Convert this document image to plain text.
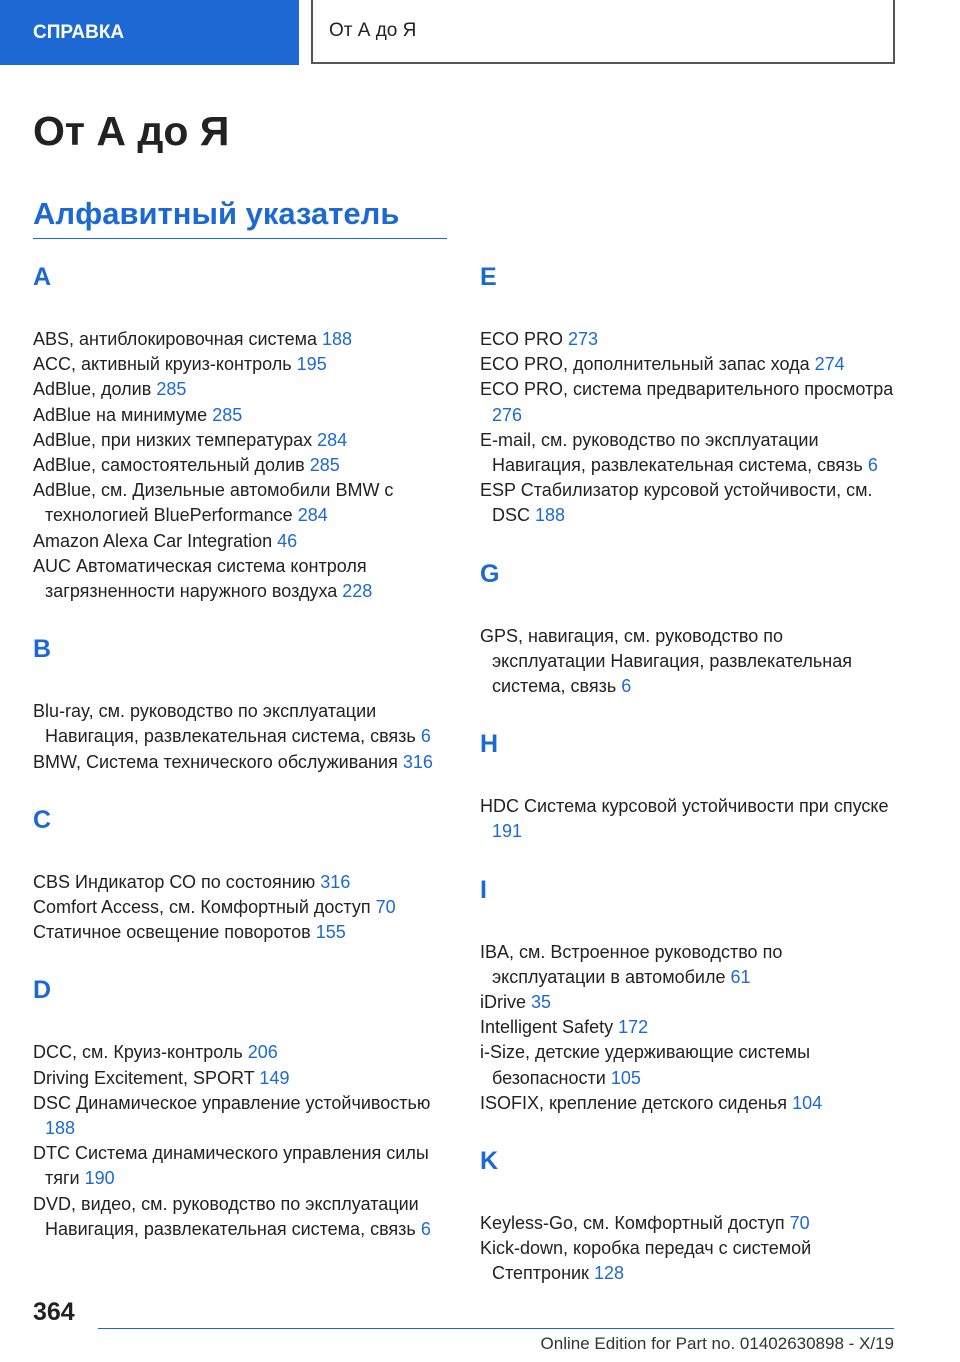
СПРАВКА	От А до Я
От А до Я
Алфавитный указатель
A
ABS, антиблокировочная система 188
ACC, активный круиз-контроль 195
AdBlue, долив 285
AdBlue на минимуме 285
AdBlue, при низких температурах 284
AdBlue, самостоятельный долив 285
AdBlue, см. Дизельные автомобили BMW с технологией BluePerformance 284
Amazon Alexa Car Integration 46
AUC Автоматическая система контроля загрязненности наружного воздуха 228
B
Blu-ray, см. руководство по эксплуатации Навигация, развлекательная система, связь 6
BMW, Система технического обслуживания 316
C
CBS Индикатор СО по состоянию 316
Comfort Access, см. Комфортный доступ 70
Статичное освещение поворотов 155
D
DCC, см. Круиз-контроль 206
Driving Excitement, SPORT 149
DSC Динамическое управление устойчивостью 188
DTC Система динамического управления силы тяги 190
DVD, видео, см. руководство по эксплуатации Навигация, развлекательная система, связь 6
E
ECO PRO 273
ECO PRO, дополнительный запас хода 274
ECO PRO, система предварительного просмотра 276
E-mail, см. руководство по эксплуатации Навигация, развлекательная система, связь 6
ESP Стабилизатор курсовой устойчивости, см. DSC 188
G
GPS, навигация, см. руководство по эксплуатации Навигация, развлекательная система, связь 6
H
HDC Система курсовой устойчивости при спуске 191
I
IBA, см. Встроенное руководство по эксплуатации в автомобиле 61
iDrive 35
Intelligent Safety 172
i-Size, детские удерживающие системы безопасности 105
ISOFIX, крепление детского сиденья 104
K
Keyless-Go, см. Комфортный доступ 70
Kick-down, коробка передач с системой Стептроник 128
364
Online Edition for Part no. 01402630898 - X/19
